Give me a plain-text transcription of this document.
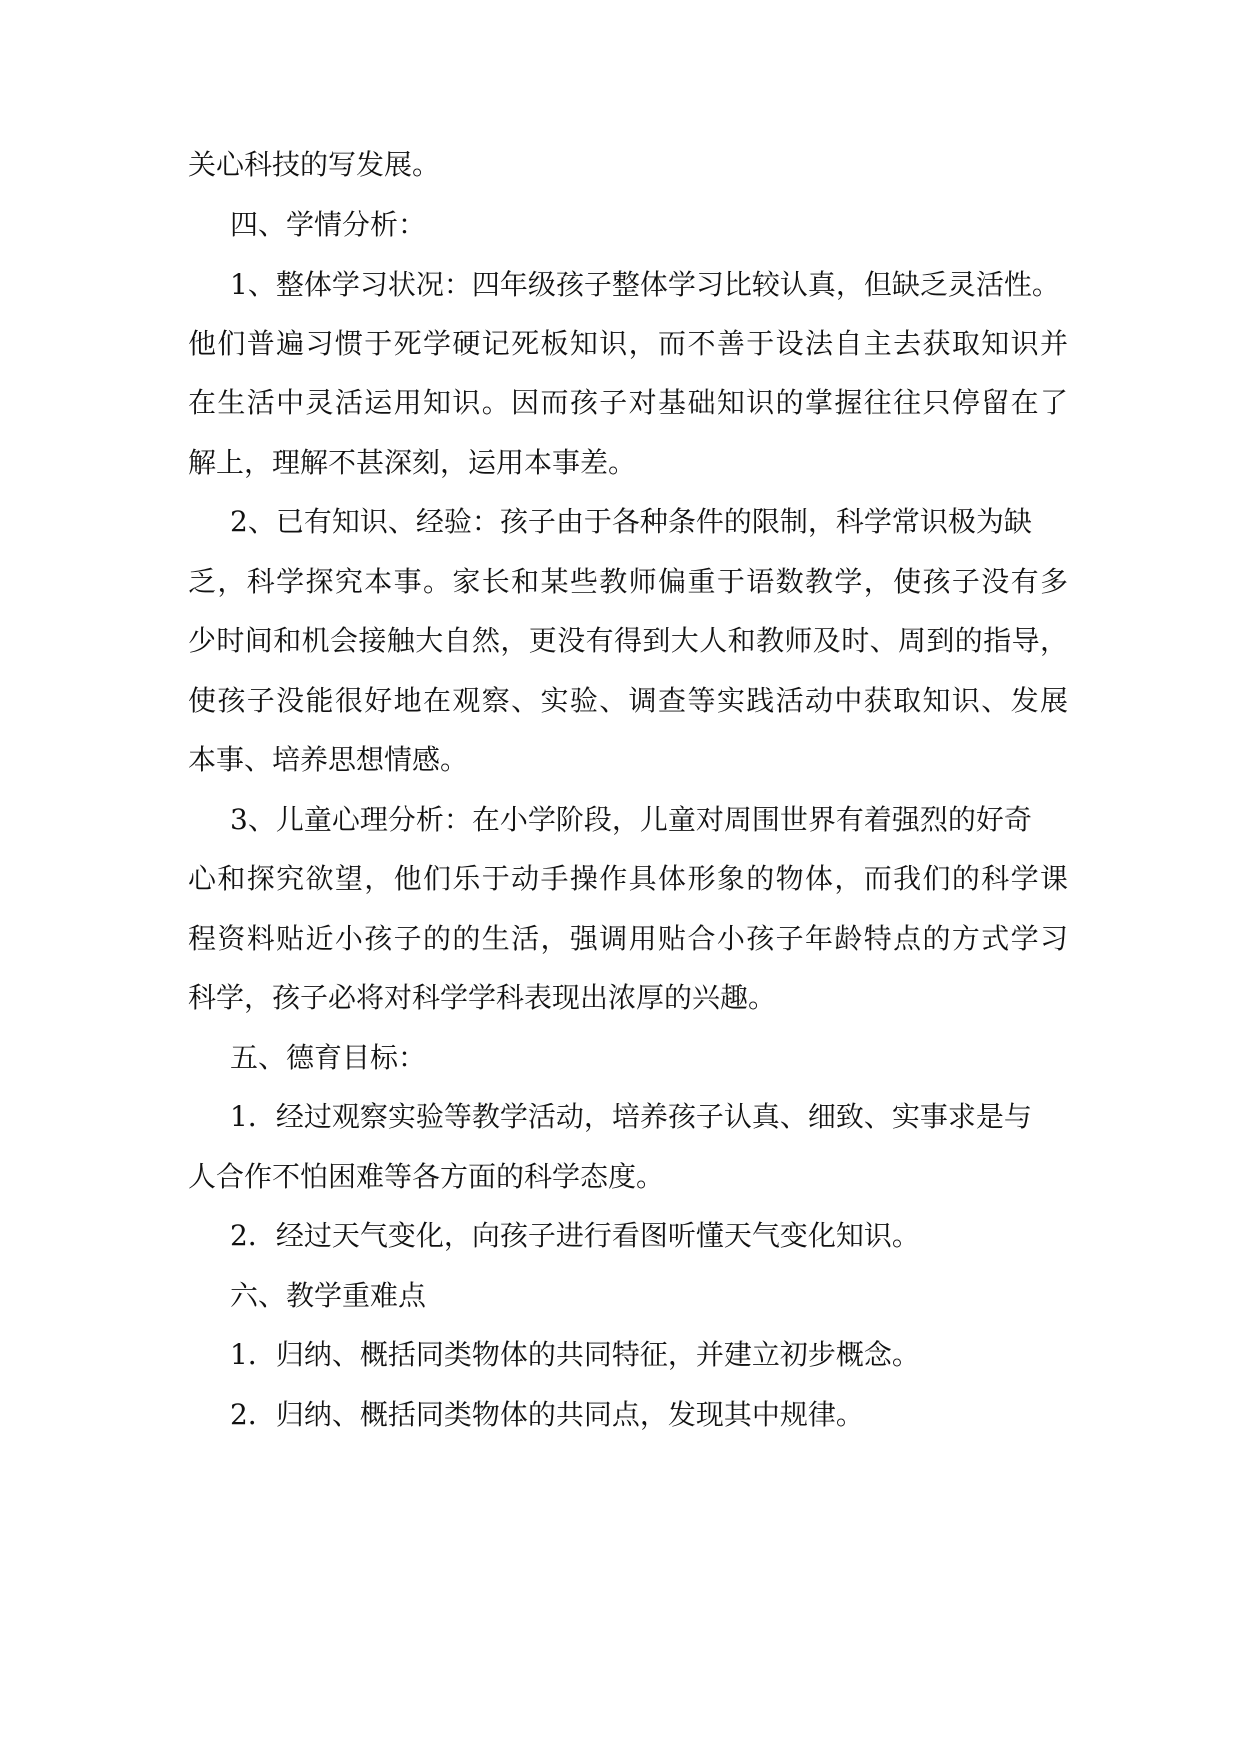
关心科技的写发展。

四、学情分析：

1、整体学习状况：四年级孩子整体学习比较认真，但缺乏灵活性。

他们普遍习惯于死学硬记死板知识，而不善于设法自主去获取知识并

在生活中灵活运用知识。因而孩子对基础知识的掌握往往只停留在了

解上，理解不甚深刻，运用本事差。

2、已有知识、经验：孩子由于各种条件的限制，科学常识极为缺

乏，科学探究本事。家长和某些教师偏重于语数教学，使孩子没有多

少时间和机会接触大自然，更没有得到大人和教师及时、周到的指导，

使孩子没能很好地在观察、实验、调查等实践活动中获取知识、发展

本事、培养思想情感。

3、儿童心理分析：在小学阶段，儿童对周围世界有着强烈的好奇

心和探究欲望，他们乐于动手操作具体形象的物体，而我们的科学课

程资料贴近小孩子的的生活，强调用贴合小孩子年龄特点的方式学习

科学，孩子必将对科学学科表现出浓厚的兴趣。

五、德育目标：

1．经过观察实验等教学活动，培养孩子认真、细致、实事求是与

人合作不怕困难等各方面的科学态度。

2．经过天气变化，向孩子进行看图听懂天气变化知识。

六、教学重难点

1．归纳、概括同类物体的共同特征，并建立初步概念。

2．归纳、概括同类物体的共同点，发现其中规律。
